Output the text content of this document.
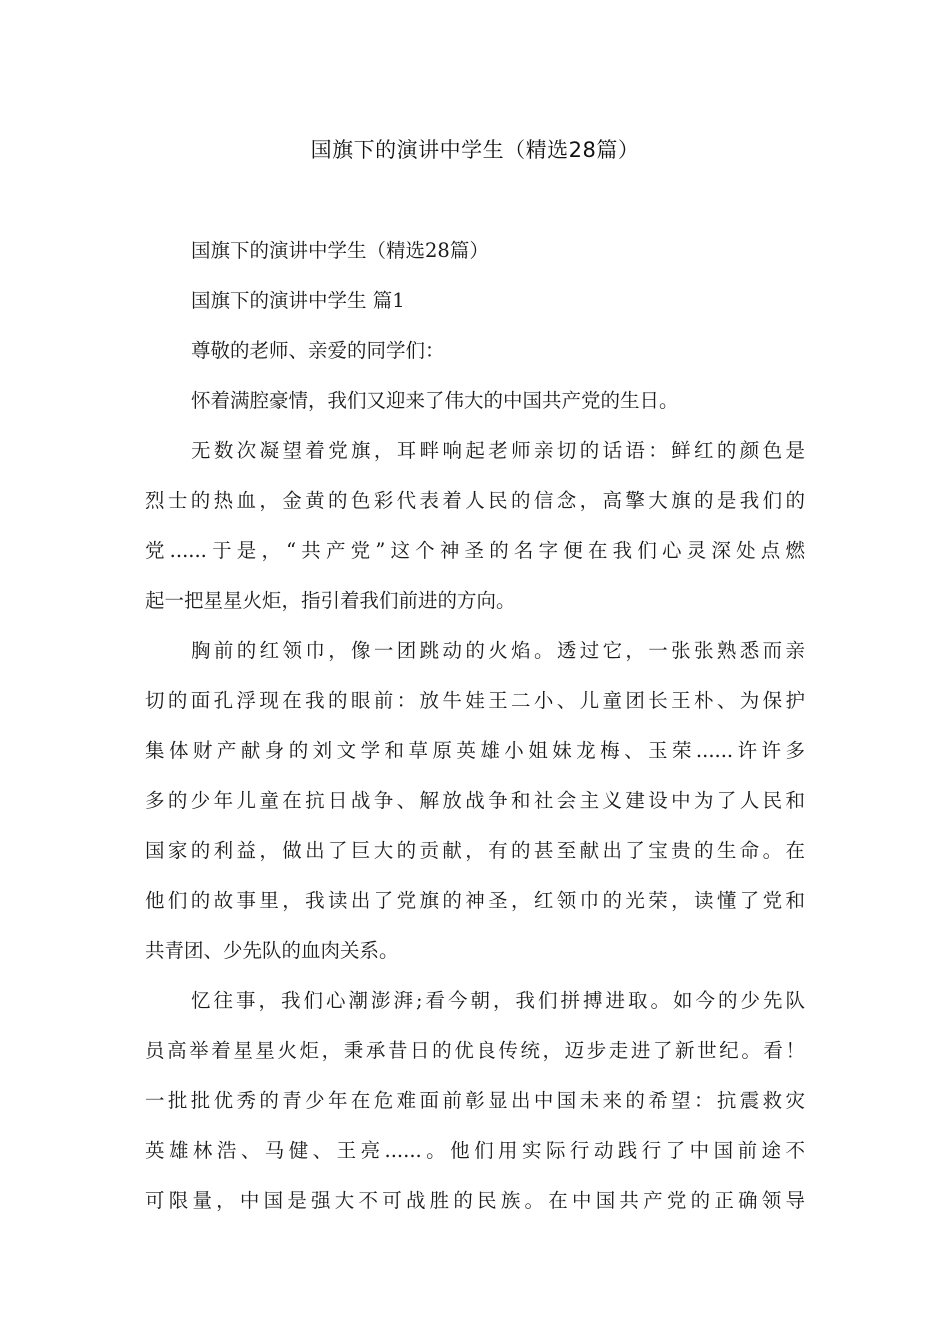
国旗下的演讲中学生（精选28篇）
国旗下的演讲中学生（精选28篇）
国旗下的演讲中学生 篇1
尊敬的老师、亲爱的同学们：
怀着满腔豪情，我们又迎来了伟大的中国共产党的生日。
无数次凝望着党旗，耳畔响起老师亲切的话语：鲜红的颜色是
烈士的热血，金黄的色彩代表着人民的信念，高擎大旗的是我们的
党......于是，“共产党”这个神圣的名字便在我们心灵深处点燃
起一把星星火炬，指引着我们前进的方向。
胸前的红领巾，像一团跳动的火焰。透过它，一张张熟悉而亲
切的面孔浮现在我的眼前：放牛娃王二小、儿童团长王朴、为保护
集体财产献身的刘文学和草原英雄小姐妹龙梅、玉荣......许许多
多的少年儿童在抗日战争、解放战争和社会主义建设中为了人民和
国家的利益，做出了巨大的贡献，有的甚至献出了宝贵的生命。在
他们的故事里，我读出了党旗的神圣，红领巾的光荣，读懂了党和
共青团、少先队的血肉关系。
忆往事，我们心潮澎湃;看今朝，我们拼搏进取。如今的少先队
员高举着星星火炬，秉承昔日的优良传统，迈步走进了新世纪。看！
一批批优秀的青少年在危难面前彰显出中国未来的希望：抗震救灾
英雄林浩、马健、王亮......。他们用实际行动践行了中国前途不
可限量，中国是强大不可战胜的民族。在中国共产党的正确领导
